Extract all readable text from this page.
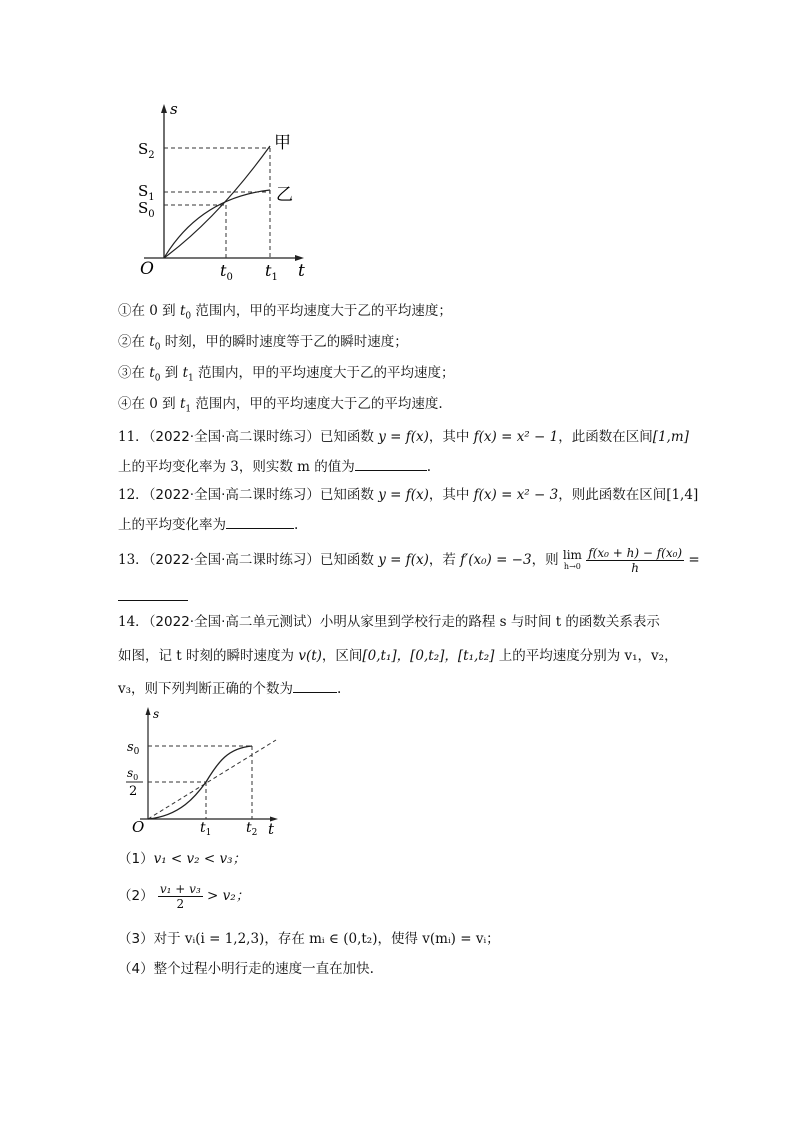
s
t
O
$S_2$
$S_1$
$S_0$
$t_0$ $t_1$
甲
乙
①在 0 到 $t_0$ 范围内，甲的平均速度大于乙的平均速度；
②在 $t_0$ 时刻，甲的瞬时速度等于乙的瞬时速度；
③在 $t_0$ 到 $t_1$ 范围内，甲的平均速度大于乙的平均速度；
④在 0 到 $t_1$ 范围内，甲的平均速度大于乙的平均速度.
11．（2022·全国·高二课时练习）已知函数 y = f(x)，其中 f(x) = x² − 1，此函数在区间[1,m]
上的平均变化率为 3，则实数 m 的值为	.
12．（2022·全国·高二课时练习）已知函数 y = f(x)，其中 f(x) = x² − 3，则此函数在区间[1,4]
上的平均变化率为	.
13．（2022·全国·高二课时练习）已知函数 y = f(x)，若 f′(x₀) = −3，则 lim
h→0
$\frac{\text{f(x₀ + h) − f(x₀)}}{h}$ =
14．（2022·全国·高二单元测试）小明从家里到学校行走的路程 s 与时间 t 的函数关系表示
如图，记 t 时刻的瞬时速度为 v(t)，区间[0,t₁]，[0,t₂]，[t₁,t₂] 上的平均速度分别为 v₁，v₂，
v₃，则下列判断正确的个数为	.
s
t
O
$s_0$
$s_0$
2
$t_1$ $t_2$
（1）v₁ < v₂ < v₃；
$(2) \frac{\text{v₁ + v₃}}{2} > v_2$；
（3）对于 vᵢ(i = 1,2,3)，存在 mᵢ ∈ (0,t₂)，使得 v(mᵢ) = vᵢ；
（4）整个过程小明行走的速度一直在加快.
